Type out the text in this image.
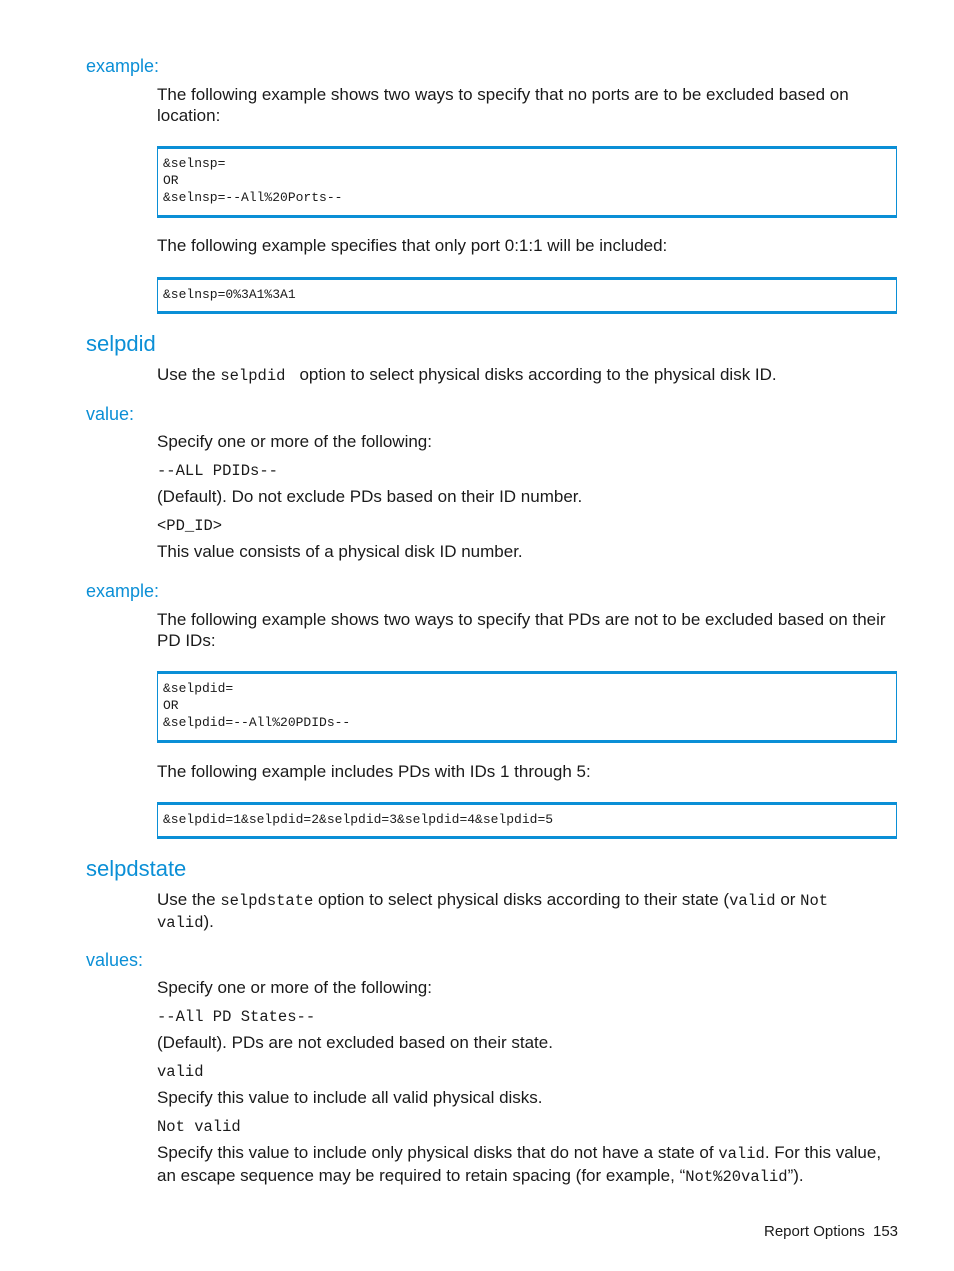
example:
The following example shows two ways to specify that no ports are to be excluded based on
location:
&selnsp=
OR
&selnsp=--All%20Ports--
The following example specifies that only port 0:1:1 will be included:
&selnsp=0%3A1%3A1
selpdid
Use the selpdid  option to select physical disks according to the physical disk ID.
value:
Specify one or more of the following:
--ALL PDIDs--
(Default). Do not exclude PDs based on their ID number.
<PD_ID>
This value consists of a physical disk ID number.
example:
The following example shows two ways to specify that PDs are not to be excluded based on their
PD IDs:
&selpdid=
OR
&selpdid=--All%20PDIDs--
The following example includes PDs with IDs 1 through 5:
&selpdid=1&selpdid=2&selpdid=3&selpdid=4&selpdid=5
selpdstate
Use the selpdstate option to select physical disks according to their state (valid or Not
valid).
values:
Specify one or more of the following:
--All PD States--
(Default). PDs are not excluded based on their state.
valid
Specify this value to include all valid physical disks.
Not valid
Specify this value to include only physical disks that do not have a state of valid. For this value,
an escape sequence may be required to retain spacing (for example, “Not%20valid”).
Report Options 153
